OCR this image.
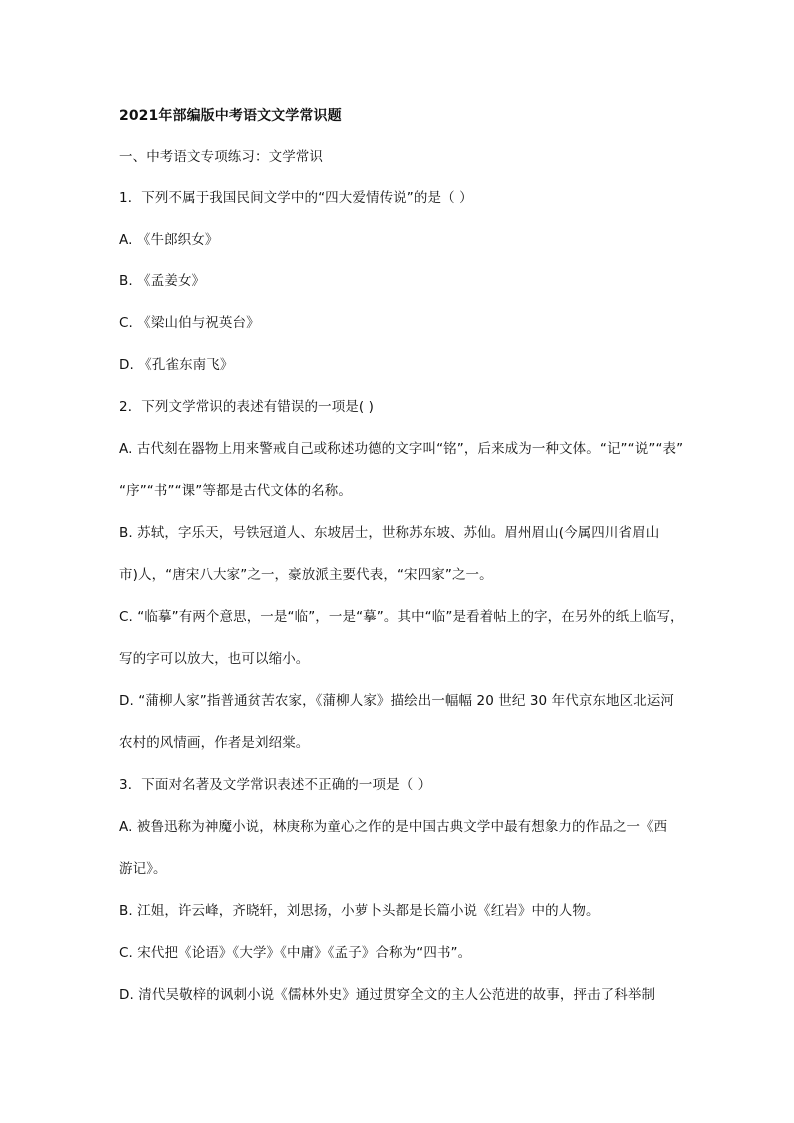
2021年部编版中考语文文学常识题
一、中考语文专项练习：文学常识
1．下列不属于我国民间文学中的“四大爱情传说”的是（ ）
A. 《牛郎织女》
B. 《孟姜女》
C. 《梁山伯与祝英台》
D. 《孔雀东南飞》
2．下列文学常识的表述有错误的一项是( )
A. 古代刻在器物上用来警戒自己或称述功德的文字叫“铭”，后来成为一种文体。“记”“说”“表”
“序”“书”“课”等都是古代文体的名称。
B. 苏轼，字乐天，号铁冠道人、东坡居士，世称苏东坡、苏仙。眉州眉山(今属四川省眉山
市)人，“唐宋八大家”之一，豪放派主要代表，“宋四家”之一。
C. “临摹”有两个意思，一是“临”，一是“摹”。其中“临”是看着帖上的字，在另外的纸上临写，
写的字可以放大，也可以缩小。
D. “蒲柳人家”指普通贫苦农家，《蒲柳人家》描绘出一幅幅 20 世纪 30 年代京东地区北运河
农村的风情画，作者是刘绍棠。
3．下面对名著及文学常识表述不正确的一项是（ ）
A. 被鲁迅称为神魔小说，林庚称为童心之作的是中国古典文学中最有想象力的作品之一《西
游记》。
B. 江姐，许云峰，齐晓轩，刘思扬，小萝卜头都是长篇小说《红岩》中的人物。
C. 宋代把《论语》《大学》《中庸》《孟子》合称为“四书”。
D. 清代吴敬梓的讽刺小说《儒林外史》通过贯穿全文的主人公范进的故事，抨击了科举制
